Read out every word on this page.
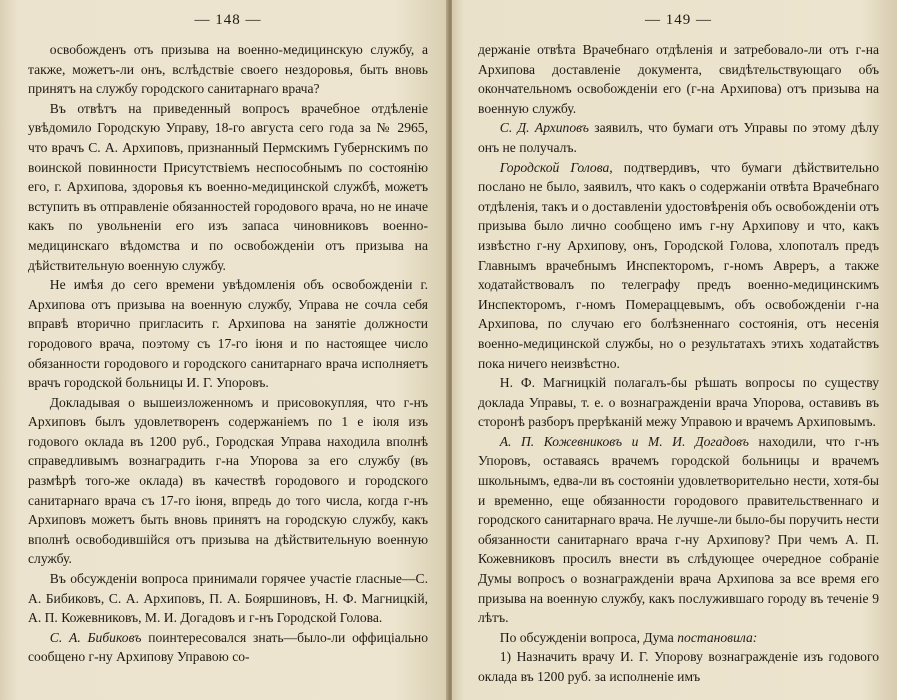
— 148 —

освобожденъ отъ призыва на военно-медицинскую службу, а также, можетъ-ли онъ, вслѣдствіе своего нездоровья, быть вновь принятъ на службу городского санитарнаго врача?

Въ отвѣтъ на приведенный вопросъ врачебное отдѣленіе увѣдомило Городскую Управу, 18-го августа сего года за № 2965, что врачъ С. А. Архиповъ, признанный Пермскимъ Губернскимъ по воинской повинности Присутствіемъ неспособнымъ по состоянію его, г. Архипова, здоровья къ военно-медицинской службѣ, можетъ вступить въ отправленіе обязанностей городового врача, но не иначе какъ по увольненіи его изъ запаса чиновниковъ военно-медицинскаго вѣдомства и по освобожденіи отъ призыва на дѣйствительную военную службу.

Не имѣя до сего времени увѣдомленія объ освобожденіи г. Архипова отъ призыва на военную службу, Управа не сочла себя вправѣ вторично пригласить г. Архипова на занятіе должности городового врача, поэтому съ 17-го іюня и по настоящее число обязанности городового и городского санитарнаго врача исполняетъ врачъ городской больницы И. Г. Упоровъ.

Докладывая о вышеизложенномъ и присовокупляя, что г-нъ Архиповъ былъ удовлетворенъ содержаніемъ по 1 е іюля изъ годового оклада въ 1200 руб., Городская Управа находила вполнѣ справедливымъ вознаградить г-на Упорова за его службу (въ размѣрѣ того-же оклада) въ качествѣ городового и городского санитарнаго врача съ 17-го іюня, впредь до того числа, когда г-нъ Архиповъ можетъ быть вновь принятъ на городскую службу, какъ вполнѣ освободившійся отъ призыва на дѣйствительную военную службу.

Въ обсужденіи вопроса принимали горячее участіе гласные—С. А. Бибиковъ, С. А. Архиповъ, П. А. Бояршиновъ, Н. Ф. Магницкій, А. П. Кожевниковъ, М. И. Догадовъ и г-нъ Городской Голова.

С. А. Бибиковъ поинтересовался знать—было-ли оффиціально сообщено г-ну Архипову Управою со-

— 149 —

держаніе отвѣта Врачебнаго отдѣленія и затребовало-ли отъ г-на Архипова доставленіе документа, свидѣтельствующаго объ окончательномъ освобожденіи его (г-на Архипова) отъ призыва на военную службу.

С. Д. Архиповъ заявилъ, что бумаги отъ Управы по этому дѣлу онъ не получалъ.

Городской Голова, подтвердивъ, что бумаги дѣйствительно послано не было, заявилъ, что какъ о содержаніи отвѣта Врачебнаго отдѣленія, такъ и о доставленіи удостовѣренія объ освобожденіи отъ призыва было лично сообщено имъ г-ну Архипову и что, какъ извѣстно г-ну Архипову, онъ, Городской Голова, хлопоталъ предъ Главнымъ врачебнымъ Инспекторомъ, г-номъ Авреръ, а также ходатайствовалъ по телеграфу предъ военно-медицинскимъ Инспекторомъ, г-номъ Помераццевымъ, объ освобожденіи г-на Архипова, по случаю его болѣзненнаго состоянія, отъ несенія военно-медицинской службы, но о результатахъ этихъ ходатайствъ пока ничего неизвѣстно.

Н. Ф. Магницкій полагалъ-бы рѣшать вопросы по существу доклада Управы, т. е. о вознагражденіи врача Упорова, оставивъ въ сторонѣ разборъ прерѣканій межу Управою и врачемъ Архиповымъ.

А. П. Кожевниковъ и М. И. Догадовъ находили, что г-нъ Упоровъ, оставаясь врачемъ городской больницы и врачемъ школьнымъ, едва-ли въ состояніи удовлетворительно нести, хотя-бы и временно, еще обязанности городового правительственнаго и городского санитарнаго врача. Не лучше-ли было-бы поручить нести обязанности санитарнаго врача г-ну Архипову? При чемъ А. П. Кожевниковъ просилъ внести въ слѣдующее очередное собраніе Думы вопросъ о вознагражденіи врача Архипова за все время его призыва на военную службу, какъ послужившаго городу въ теченіе 9 лѣтъ.

По обсужденіи вопроса, Дума постановила:

1) Назначить врачу И. Г. Упорову вознагражденіе изъ годового оклада въ 1200 руб. за исполненіе имъ
